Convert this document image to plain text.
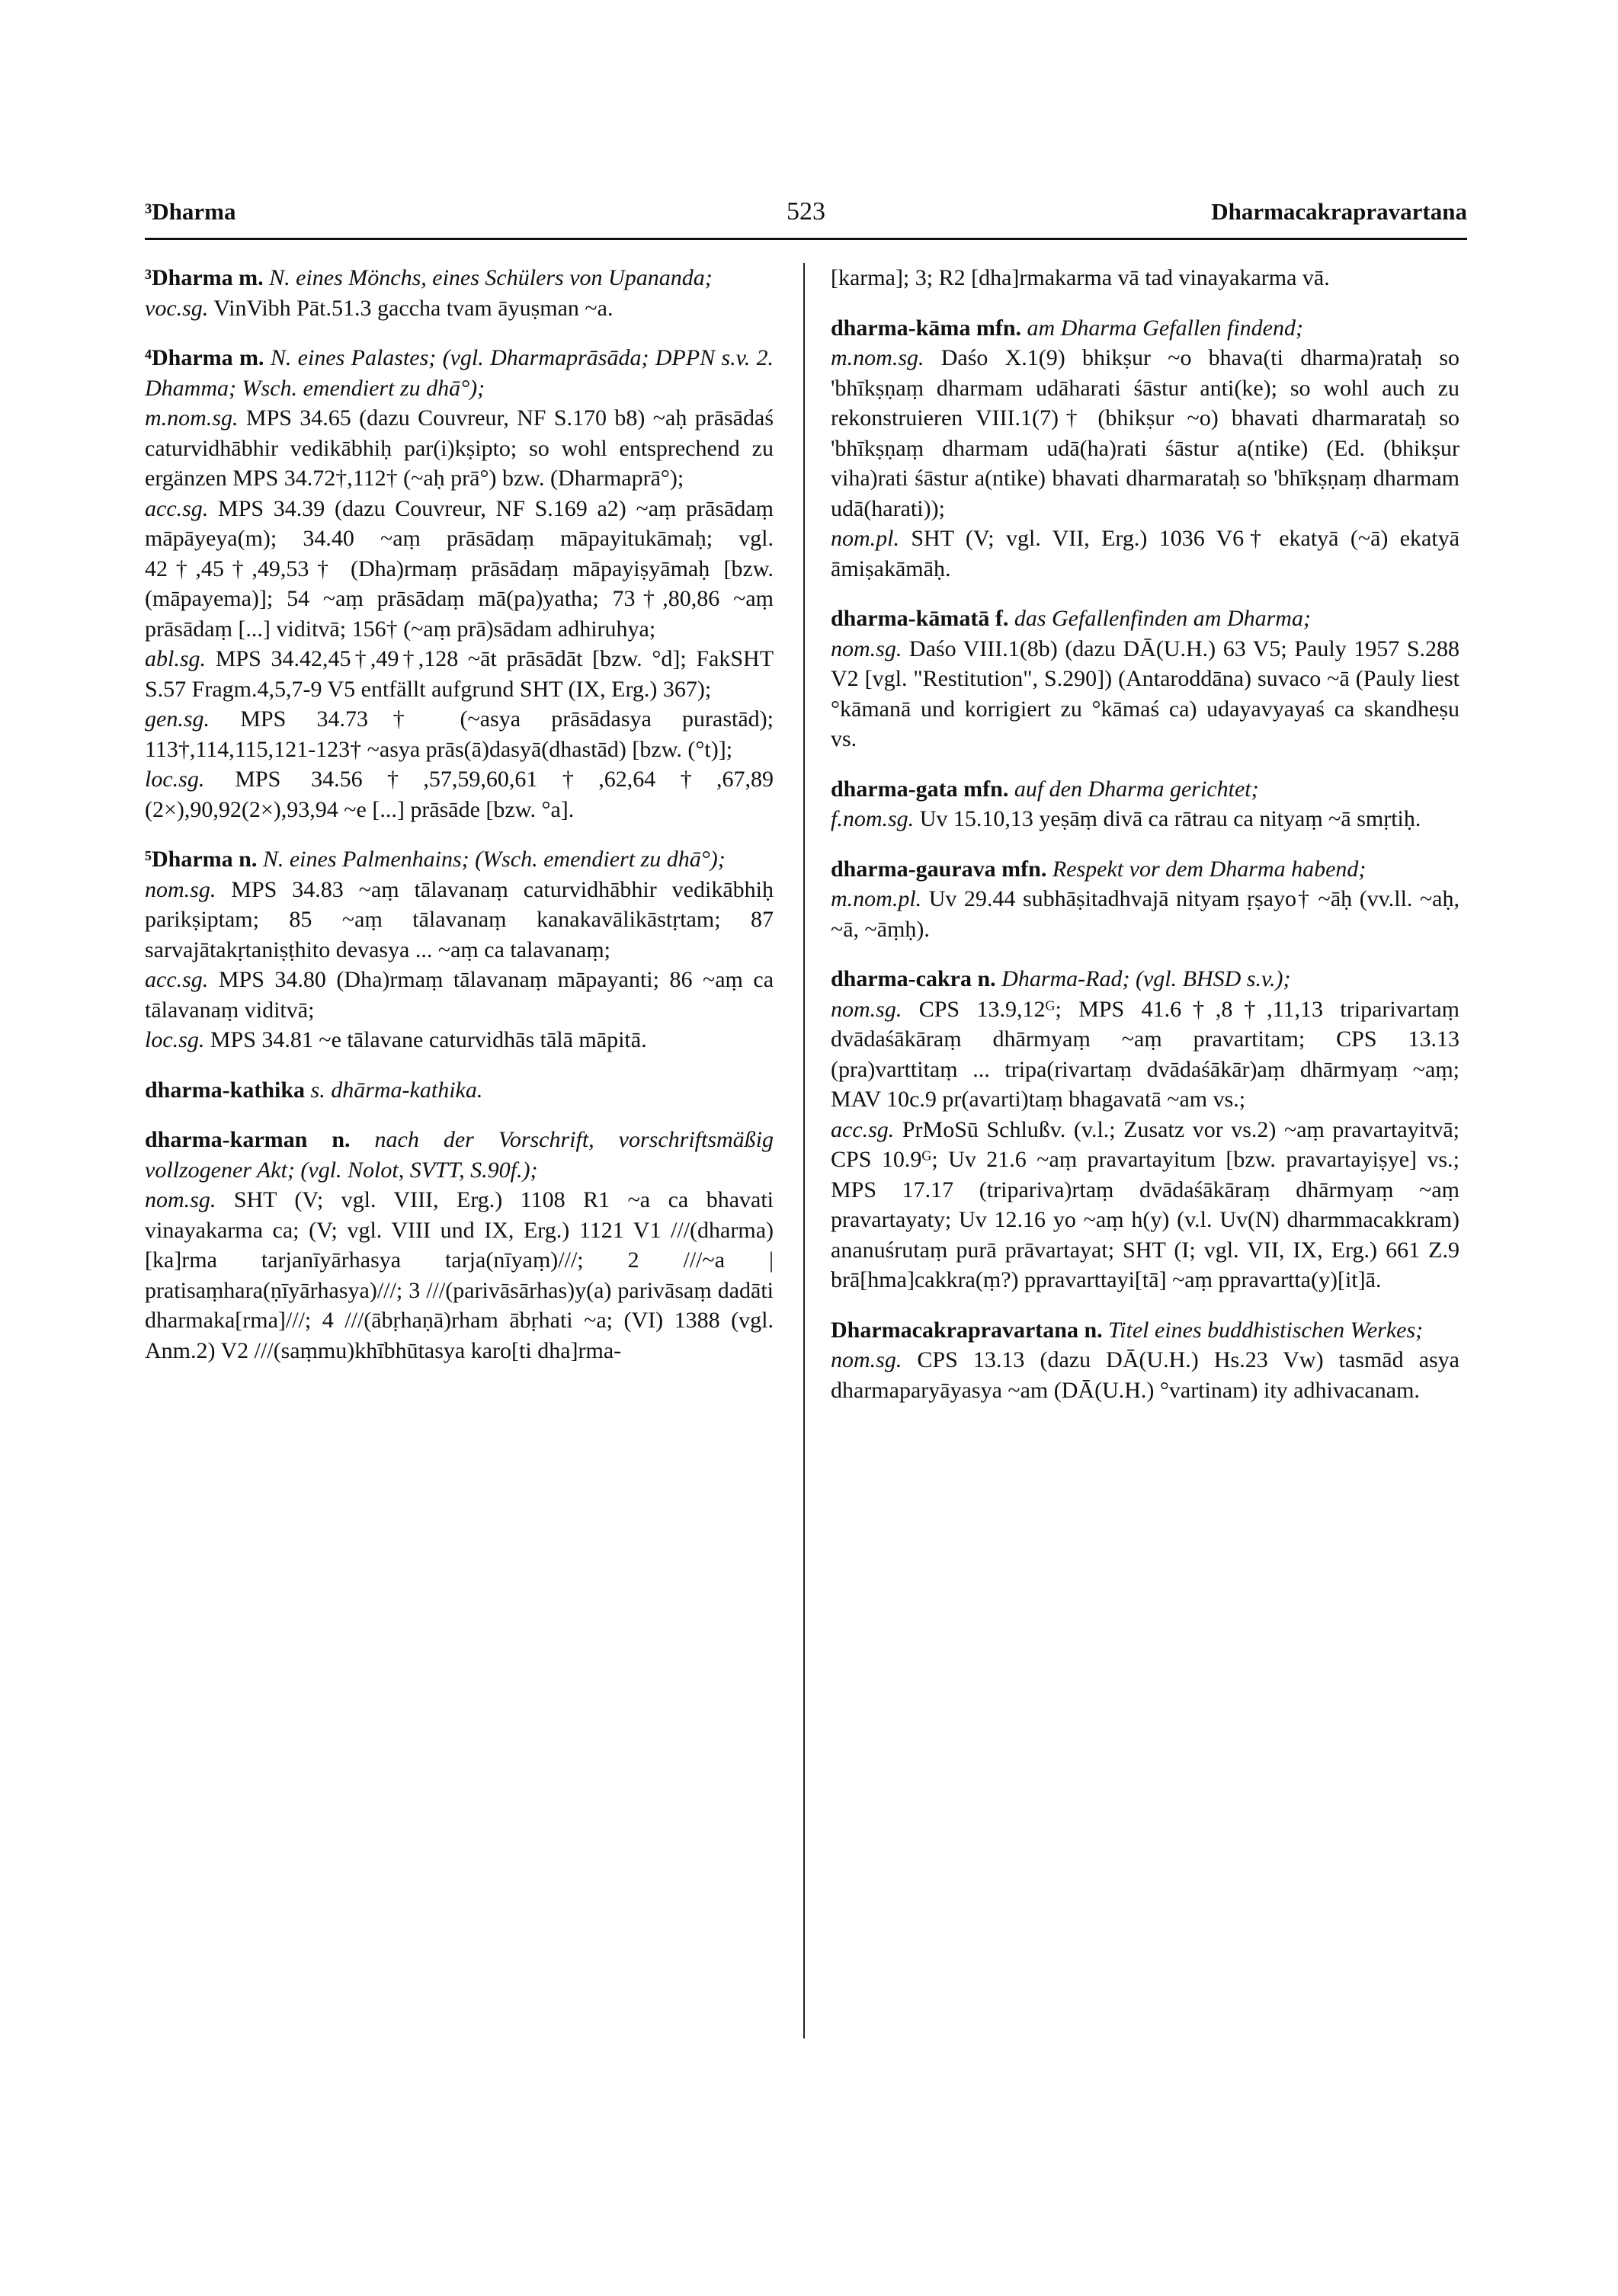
523
³Dharma	Dharmacakrapravartana

³Dharma m. N. eines Mönchs, eines Schülers von Upananda;

voc.sg. VinVibh Pāt.51.3 gaccha tvam āyuṣman ~a.

⁴Dharma m. N. eines Palastes; (vgl. Dharmaprāsāda; DPPN s.v. 2. Dhamma; Wsch. emendiert zu dhā°);

m.nom.sg. MPS 34.65 (dazu Couvreur, NF S.170 b8) ~aḥ prāsādaś caturvidhābhir vedikābhiḥ par(i)kṣipto; so wohl entsprechend zu ergänzen MPS 34.72†,112† (~aḥ prā°) bzw. (Dharmaprā°);

acc.sg. MPS 34.39 (dazu Couvreur, NF S.169 a2) ~aṃ prāsādaṃ māpāyeya(m); 34.40 ~aṃ prāsādaṃ māpayitukāmaḥ; vgl. 42†,45†,49,53† (Dha)rmaṃ prāsādaṃ māpayiṣyāmaḥ [bzw. (māpayema)]; 54 ~aṃ prāsādaṃ mā(pa)yatha; 73†,80,86 ~aṃ prāsādaṃ [...] viditvā; 156† (~aṃ prā)sādam adhiruhya;

abl.sg. MPS 34.42,45†,49†,128 ~āt prāsādāt [bzw. °d]; FakSHT S.57 Fragm.4,5,7-9 V5 entfällt aufgrund SHT (IX, Erg.) 367);

gen.sg. MPS 34.73† (~asya prāsādasya purastād); 113†,114,115,121-123† ~asya prās(ā)dasyā(dhastād) [bzw. (°t)];

loc.sg. MPS 34.56†,57,59,60,61†,62,64†,67,89 (2×),90,92(2×),93,94 ~e [...] prāsāde [bzw. °a].

⁵Dharma n. N. eines Palmenhains; (Wsch. emendiert zu dhā°);

nom.sg. MPS 34.83 ~aṃ tālavanaṃ caturvidhābhir vedikābhiḥ parikṣiptam; 85 ~aṃ tālavanaṃ kanakavālikāstṛtam; 87 sarvajātakṛtaniṣṭhito devasya ... ~aṃ ca talavanaṃ;

acc.sg. MPS 34.80 (Dha)rmaṃ tālavanaṃ māpayanti; 86 ~aṃ ca tālavanaṃ viditvā;

loc.sg. MPS 34.81 ~e tālavane caturvidhās tālā māpitā.

dharma-kathika s. dhārma-kathika.

dharma-karman n. nach der Vorschrift, vorschriftsmäßig vollzogener Akt; (vgl. Nolot, SVTT, S.90f.);

nom.sg. SHT (V; vgl. VIII, Erg.) 1108 R1 ~a ca bhavati vinayakarma ca; (V; vgl. VIII und IX, Erg.) 1121 V1 ///(dharma)[ka]rma tarjanīyārhasya tarja(nīyaṃ)///; 2 ///~a | pratisaṃhara(ṇīyārhasya)///; 3 ///(parivāsārhas)y(a) parivāsaṃ dadāti dharmaka[rma]///; 4 ///(ābṛhaṇā)rham ābṛhati ~a; (VI) 1388 (vgl. Anm.2) V2 ///(saṃmu)khībhūtasya karo[ti dha]rma-

[karma]; 3; R2 [dha]rmakarma vā tad vinayakarma vā.

dharma-kāma mfn. am Dharma Gefallen findend;

m.nom.sg. Daśo X.1(9) bhikṣur ~o bhava(ti dharma)rataḥ so 'bhīkṣṇaṃ dharmam udāharati śāstur anti(ke); so wohl auch zu rekonstruieren VIII.1(7)† (bhikṣur ~o) bhavati dharmarataḥ so 'bhīkṣṇaṃ dharmam udā(ha)rati śāstur a(ntike) (Ed. (bhikṣur viha)rati śāstur a(ntike) bhavati dharmarataḥ so 'bhīkṣṇaṃ dharmam udā(harati));

nom.pl. SHT (V; vgl. VII, Erg.) 1036 V6† ekatyā (~ā) ekatyā āmiṣakāmāḥ.

dharma-kāmatā f. das Gefallenfinden am Dharma;

nom.sg. Daśo VIII.1(8b) (dazu DĀ(U.H.) 63 V5; Pauly 1957 S.288 V2 [vgl. "Restitution", S.290]) (Antaroddāna) suvaco ~ā (Pauly liest °kāmanā und korrigiert zu °kāmaś ca) udayavyayaś ca skandheṣu vs.

dharma-gata mfn. auf den Dharma gerichtet;

f.nom.sg. Uv 15.10,13 yeṣāṃ divā ca rātrau ca nityaṃ ~ā smṛtiḥ.

dharma-gaurava mfn. Respekt vor dem Dharma habend;

m.nom.pl. Uv 29.44 subhāṣitadhvajā nityam ṛṣayo† ~āḥ (vv.ll. ~aḥ, ~ā, ~āṃḥ).

dharma-cakra n. Dharma-Rad; (vgl. BHSD s.v.);

nom.sg. CPS 13.9,12ᴳ; MPS 41.6†,8†,11,13 triparivartaṃ dvādaśākāraṃ dhārmyaṃ ~aṃ pravartitam; CPS 13.13 (pra)varttitaṃ ... tripa(rivartaṃ dvādaśākār)aṃ dhārmyaṃ ~aṃ; MAV 10c.9 pr(avarti)taṃ bhagavatā ~am vs.;

acc.sg. PrMoSū Schlußv. (v.l.; Zusatz vor vs.2) ~aṃ pravartayitvā; CPS 10.9ᴳ; Uv 21.6 ~aṃ pravartayitum [bzw. pravartayiṣye] vs.; MPS 17.17 (tripariva)rtaṃ dvādaśākāraṃ dhārmyaṃ ~aṃ pravartayaty; Uv 12.16 yo ~aṃ h(y) (v.l. Uv(N) dharmmacakkram) ananuśrutaṃ purā prāvartayat; SHT (I; vgl. VII, IX, Erg.) 661 Z.9 brā[hma]cakkra(ṃ?) ppravarttayi[tā] ~aṃ ppravartta(y)[it]ā.

Dharmacakrapravartana n. Titel eines buddhistischen Werkes;

nom.sg. CPS 13.13 (dazu DĀ(U.H.) Hs.23 Vw) tasmād asya dharmaparyāyasya ~am (DĀ(U.H.) °vartinam) ity adhivacanam.
